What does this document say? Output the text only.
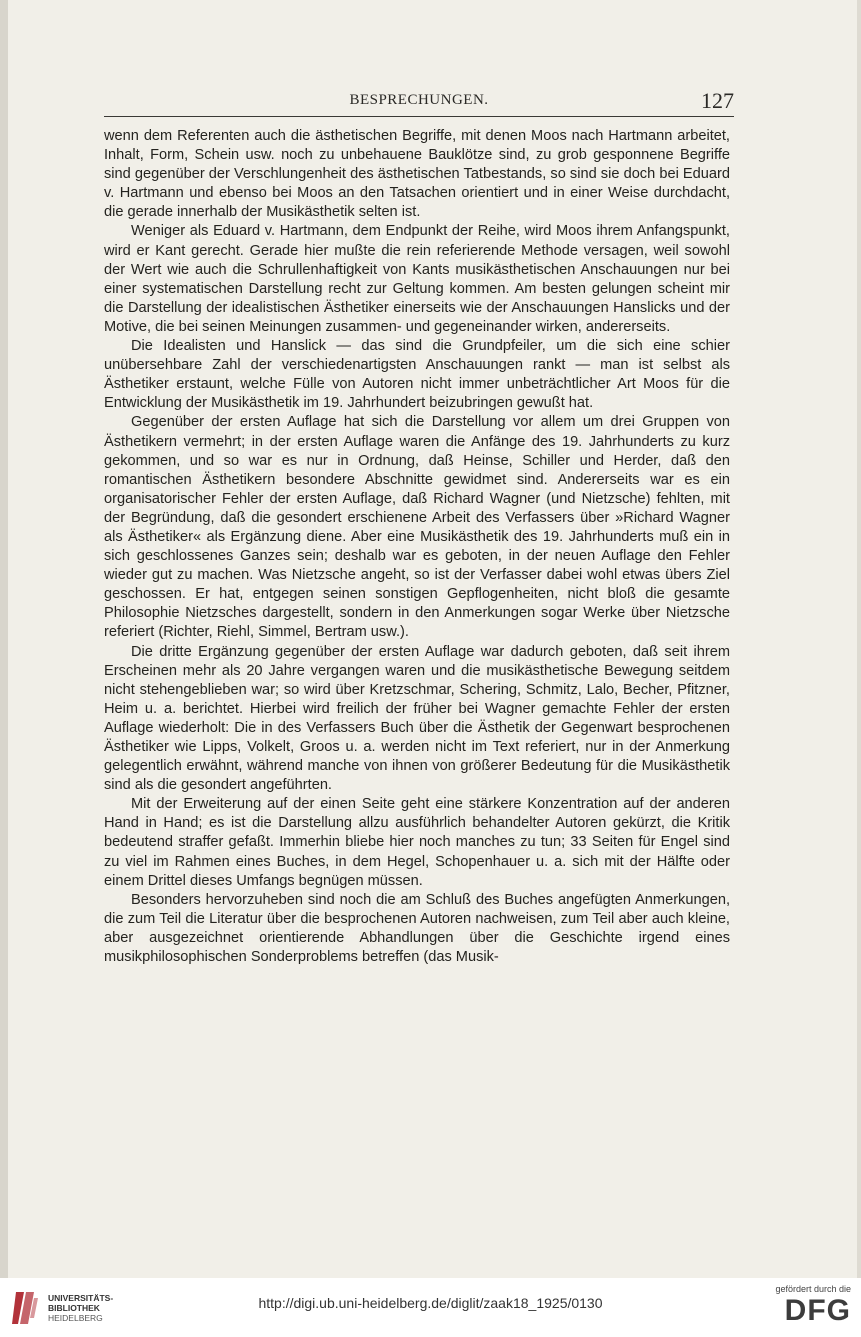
BESPRECHUNGEN.	127

wenn dem Referenten auch die ästhetischen Begriffe, mit denen Moos nach Hartmann arbeitet, Inhalt, Form, Schein usw. noch zu unbehauene Bauklötze sind, zu grob gesponnene Begriffe sind gegenüber der Verschlungenheit des ästhetischen Tatbestands, so sind sie doch bei Eduard v. Hartmann und ebenso bei Moos an den Tatsachen orientiert und in einer Weise durchdacht, die gerade innerhalb der Musikästhetik selten ist.

Weniger als Eduard v. Hartmann, dem Endpunkt der Reihe, wird Moos ihrem Anfangspunkt, wird er Kant gerecht. Gerade hier mußte die rein referierende Methode versagen, weil sowohl der Wert wie auch die Schrullenhaftigkeit von Kants musikästhetischen Anschauungen nur bei einer systematischen Darstellung recht zur Geltung kommen. Am besten gelungen scheint mir die Darstellung der idealistischen Ästhetiker einerseits wie der Anschauungen Hanslicks und der Motive, die bei seinen Meinungen zusammen- und gegeneinander wirken, andererseits.

Die Idealisten und Hanslick — das sind die Grundpfeiler, um die sich eine schier unübersehbare Zahl der verschiedenartigsten Anschauungen rankt — man ist selbst als Ästhetiker erstaunt, welche Fülle von Autoren nicht immer unbeträchtlicher Art Moos für die Entwicklung der Musikästhetik im 19. Jahrhundert beizubringen gewußt hat.

Gegenüber der ersten Auflage hat sich die Darstellung vor allem um drei Gruppen von Ästhetikern vermehrt; in der ersten Auflage waren die Anfänge des 19. Jahrhunderts zu kurz gekommen, und so war es nur in Ordnung, daß Heinse, Schiller und Herder, daß den romantischen Ästhetikern besondere Abschnitte gewidmet sind. Andererseits war es ein organisatorischer Fehler der ersten Auflage, daß Richard Wagner (und Nietzsche) fehlten, mit der Begründung, daß die gesondert erschienene Arbeit des Verfassers über »Richard Wagner als Ästhetiker« als Ergänzung diene. Aber eine Musikästhetik des 19. Jahrhunderts muß ein in sich geschlossenes Ganzes sein; deshalb war es geboten, in der neuen Auflage den Fehler wieder gut zu machen. Was Nietzsche angeht, so ist der Verfasser dabei wohl etwas übers Ziel geschossen. Er hat, entgegen seinen sonstigen Gepflogenheiten, nicht bloß die gesamte Philosophie Nietzsches dargestellt, sondern in den Anmerkungen sogar Werke über Nietzsche referiert (Richter, Riehl, Simmel, Bertram usw.).

Die dritte Ergänzung gegenüber der ersten Auflage war dadurch geboten, daß seit ihrem Erscheinen mehr als 20 Jahre vergangen waren und die musikästhetische Bewegung seitdem nicht stehengeblieben war; so wird über Kretzschmar, Schering, Schmitz, Lalo, Becher, Pfitzner, Heim u. a. berichtet. Hierbei wird freilich der früher bei Wagner gemachte Fehler der ersten Auflage wiederholt: Die in des Verfassers Buch über die Ästhetik der Gegenwart besprochenen Ästhetiker wie Lipps, Volkelt, Groos u. a. werden nicht im Text referiert, nur in der Anmerkung gelegentlich erwähnt, während manche von ihnen von größerer Bedeutung für die Musikästhetik sind als die gesondert angeführten.

Mit der Erweiterung auf der einen Seite geht eine stärkere Konzentration auf der anderen Hand in Hand; es ist die Darstellung allzu ausführlich behandelter Autoren gekürzt, die Kritik bedeutend straffer gefaßt. Immerhin bliebe hier noch manches zu tun; 33 Seiten für Engel sind zu viel im Rahmen eines Buches, in dem Hegel, Schopenhauer u. a. sich mit der Hälfte oder einem Drittel dieses Umfangs begnügen müssen.

Besonders hervorzuheben sind noch die am Schluß des Buches angefügten Anmerkungen, die zum Teil die Literatur über die besprochenen Autoren nachweisen, zum Teil aber auch kleine, aber ausgezeichnet orientierende Abhandlungen über die Geschichte irgend eines musikphilosophischen Sonderproblems betreffen (das Musik-

UNIVERSITÄTS-
BIBLIOTHEK
HEIDELBERG
http://digi.ub.uni-heidelberg.de/diglit/zaak18_1925/0130
gefördert durch die
DFG
